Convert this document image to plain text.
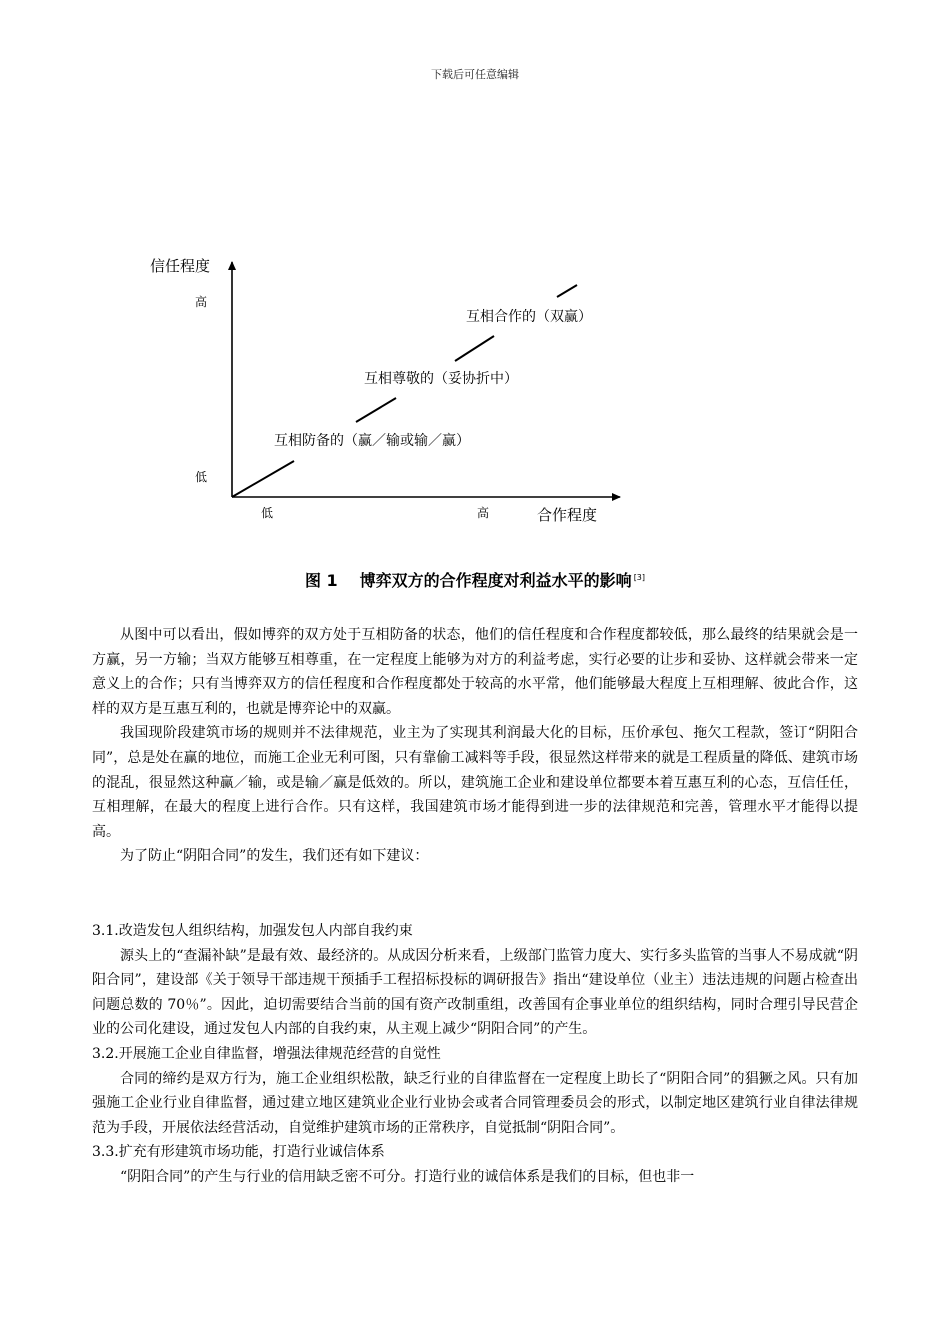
下载后可任意编辑
信任程度
高
低
低	高	合作程度
互相防备的（赢／输或输／赢）
互相尊敬的（妥协折中）
互相合作的（双赢）
图 1 博弈双方的合作程度对利益水平的影响 [3]

从图中可以看出，假如博弈的双方处于互相防备的状态，他们的信任程度和合作程度都较低，那么最终的结果就会是一方赢，另一方输；当双方能够互相尊重，在一定程度上能够为对方的利益考虑，实行必要的让步和妥协、这样就会带来一定意义上的合作；只有当博弈双方的信任程度和合作程度都处于较高的水平常，他们能够最大程度上互相理解、彼此合作，这样的双方是互惠互利的，也就是博弈论中的双赢。

我国现阶段建筑市场的规则并不法律规范，业主为了实现其利润最大化的目标，压价承包、拖欠工程款，签订“阴阳合同”，总是处在赢的地位，而施工企业无利可图，只有靠偷工减料等手段，很显然这样带来的就是工程质量的降低、建筑市场的混乱，很显然这种赢／输，或是输／赢是低效的。所以，建筑施工企业和建设单位都要本着互惠互利的心态，互信任任，互相理解，在最大的程度上进行合作。只有这样，我国建筑市场才能得到进一步的法律规范和完善，管理水平才能得以提高。

为了防止“阴阳合同”的发生，我们还有如下建议：

3.1.改造发包人组织结构，加强发包人内部自我约束

源头上的“查漏补缺”是最有效、最经济的。从成因分析来看，上级部门监管力度大、实行多头监管的当事人不易成就“阴阳合同”，建设部《关于领导干部违规干预插手工程招标投标的调研报告》指出“建设单位（业主）违法违规的问题占检查出问题总数的 70％”。因此，迫切需要结合当前的国有资产改制重组，改善国有企事业单位的组织结构，同时合理引导民营企业的公司化建设，通过发包人内部的自我约束，从主观上减少“阴阳合同”的产生。

3.2.开展施工企业自律监督，增强法律规范经营的自觉性

合同的缔约是双方行为，施工企业组织松散，缺乏行业的自律监督在一定程度上助长了“阴阳合同”的猖獗之风。只有加强施工企业行业自律监督，通过建立地区建筑业企业行业协会或者合同管理委员会的形式，以制定地区建筑行业自律法律规范为手段，开展依法经营活动，自觉维护建筑市场的正常秩序，自觉抵制“阴阳合同”。

3.3.扩充有形建筑市场功能，打造行业诚信体系

“阴阳合同”的产生与行业的信用缺乏密不可分。打造行业的诚信体系是我们的目标，但也非一
